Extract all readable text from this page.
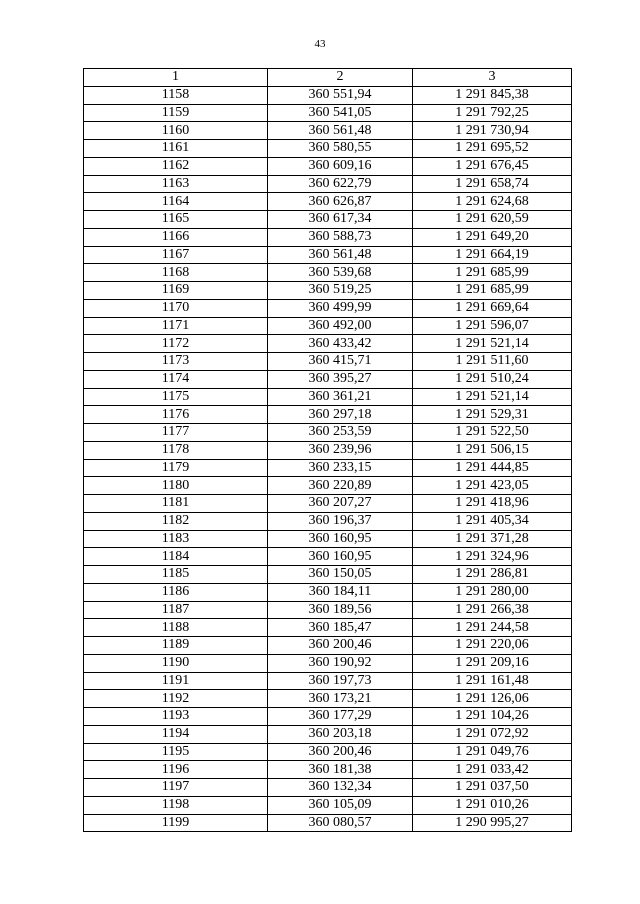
43
1	2	3
1158	360 551,94	1 291 845,38
1159	360 541,05	1 291 792,25
1160	360 561,48	1 291 730,94
1161	360 580,55	1 291 695,52
1162	360 609,16	1 291 676,45
1163	360 622,79	1 291 658,74
1164	360 626,87	1 291 624,68
1165	360 617,34	1 291 620,59
1166	360 588,73	1 291 649,20
1167	360 561,48	1 291 664,19
1168	360 539,68	1 291 685,99
1169	360 519,25	1 291 685,99
1170	360 499,99	1 291 669,64
1171	360 492,00	1 291 596,07
1172	360 433,42	1 291 521,14
1173	360 415,71	1 291 511,60
1174	360 395,27	1 291 510,24
1175	360 361,21	1 291 521,14
1176	360 297,18	1 291 529,31
1177	360 253,59	1 291 522,50
1178	360 239,96	1 291 506,15
1179	360 233,15	1 291 444,85
1180	360 220,89	1 291 423,05
1181	360 207,27	1 291 418,96
1182	360 196,37	1 291 405,34
1183	360 160,95	1 291 371,28
1184	360 160,95	1 291 324,96
1185	360 150,05	1 291 286,81
1186	360 184,11	1 291 280,00
1187	360 189,56	1 291 266,38
1188	360 185,47	1 291 244,58
1189	360 200,46	1 291 220,06
1190	360 190,92	1 291 209,16
1191	360 197,73	1 291 161,48
1192	360 173,21	1 291 126,06
1193	360 177,29	1 291 104,26
1194	360 203,18	1 291 072,92
1195	360 200,46	1 291 049,76
1196	360 181,38	1 291 033,42
1197	360 132,34	1 291 037,50
1198	360 105,09	1 291 010,26
1199	360 080,57	1 290 995,27
